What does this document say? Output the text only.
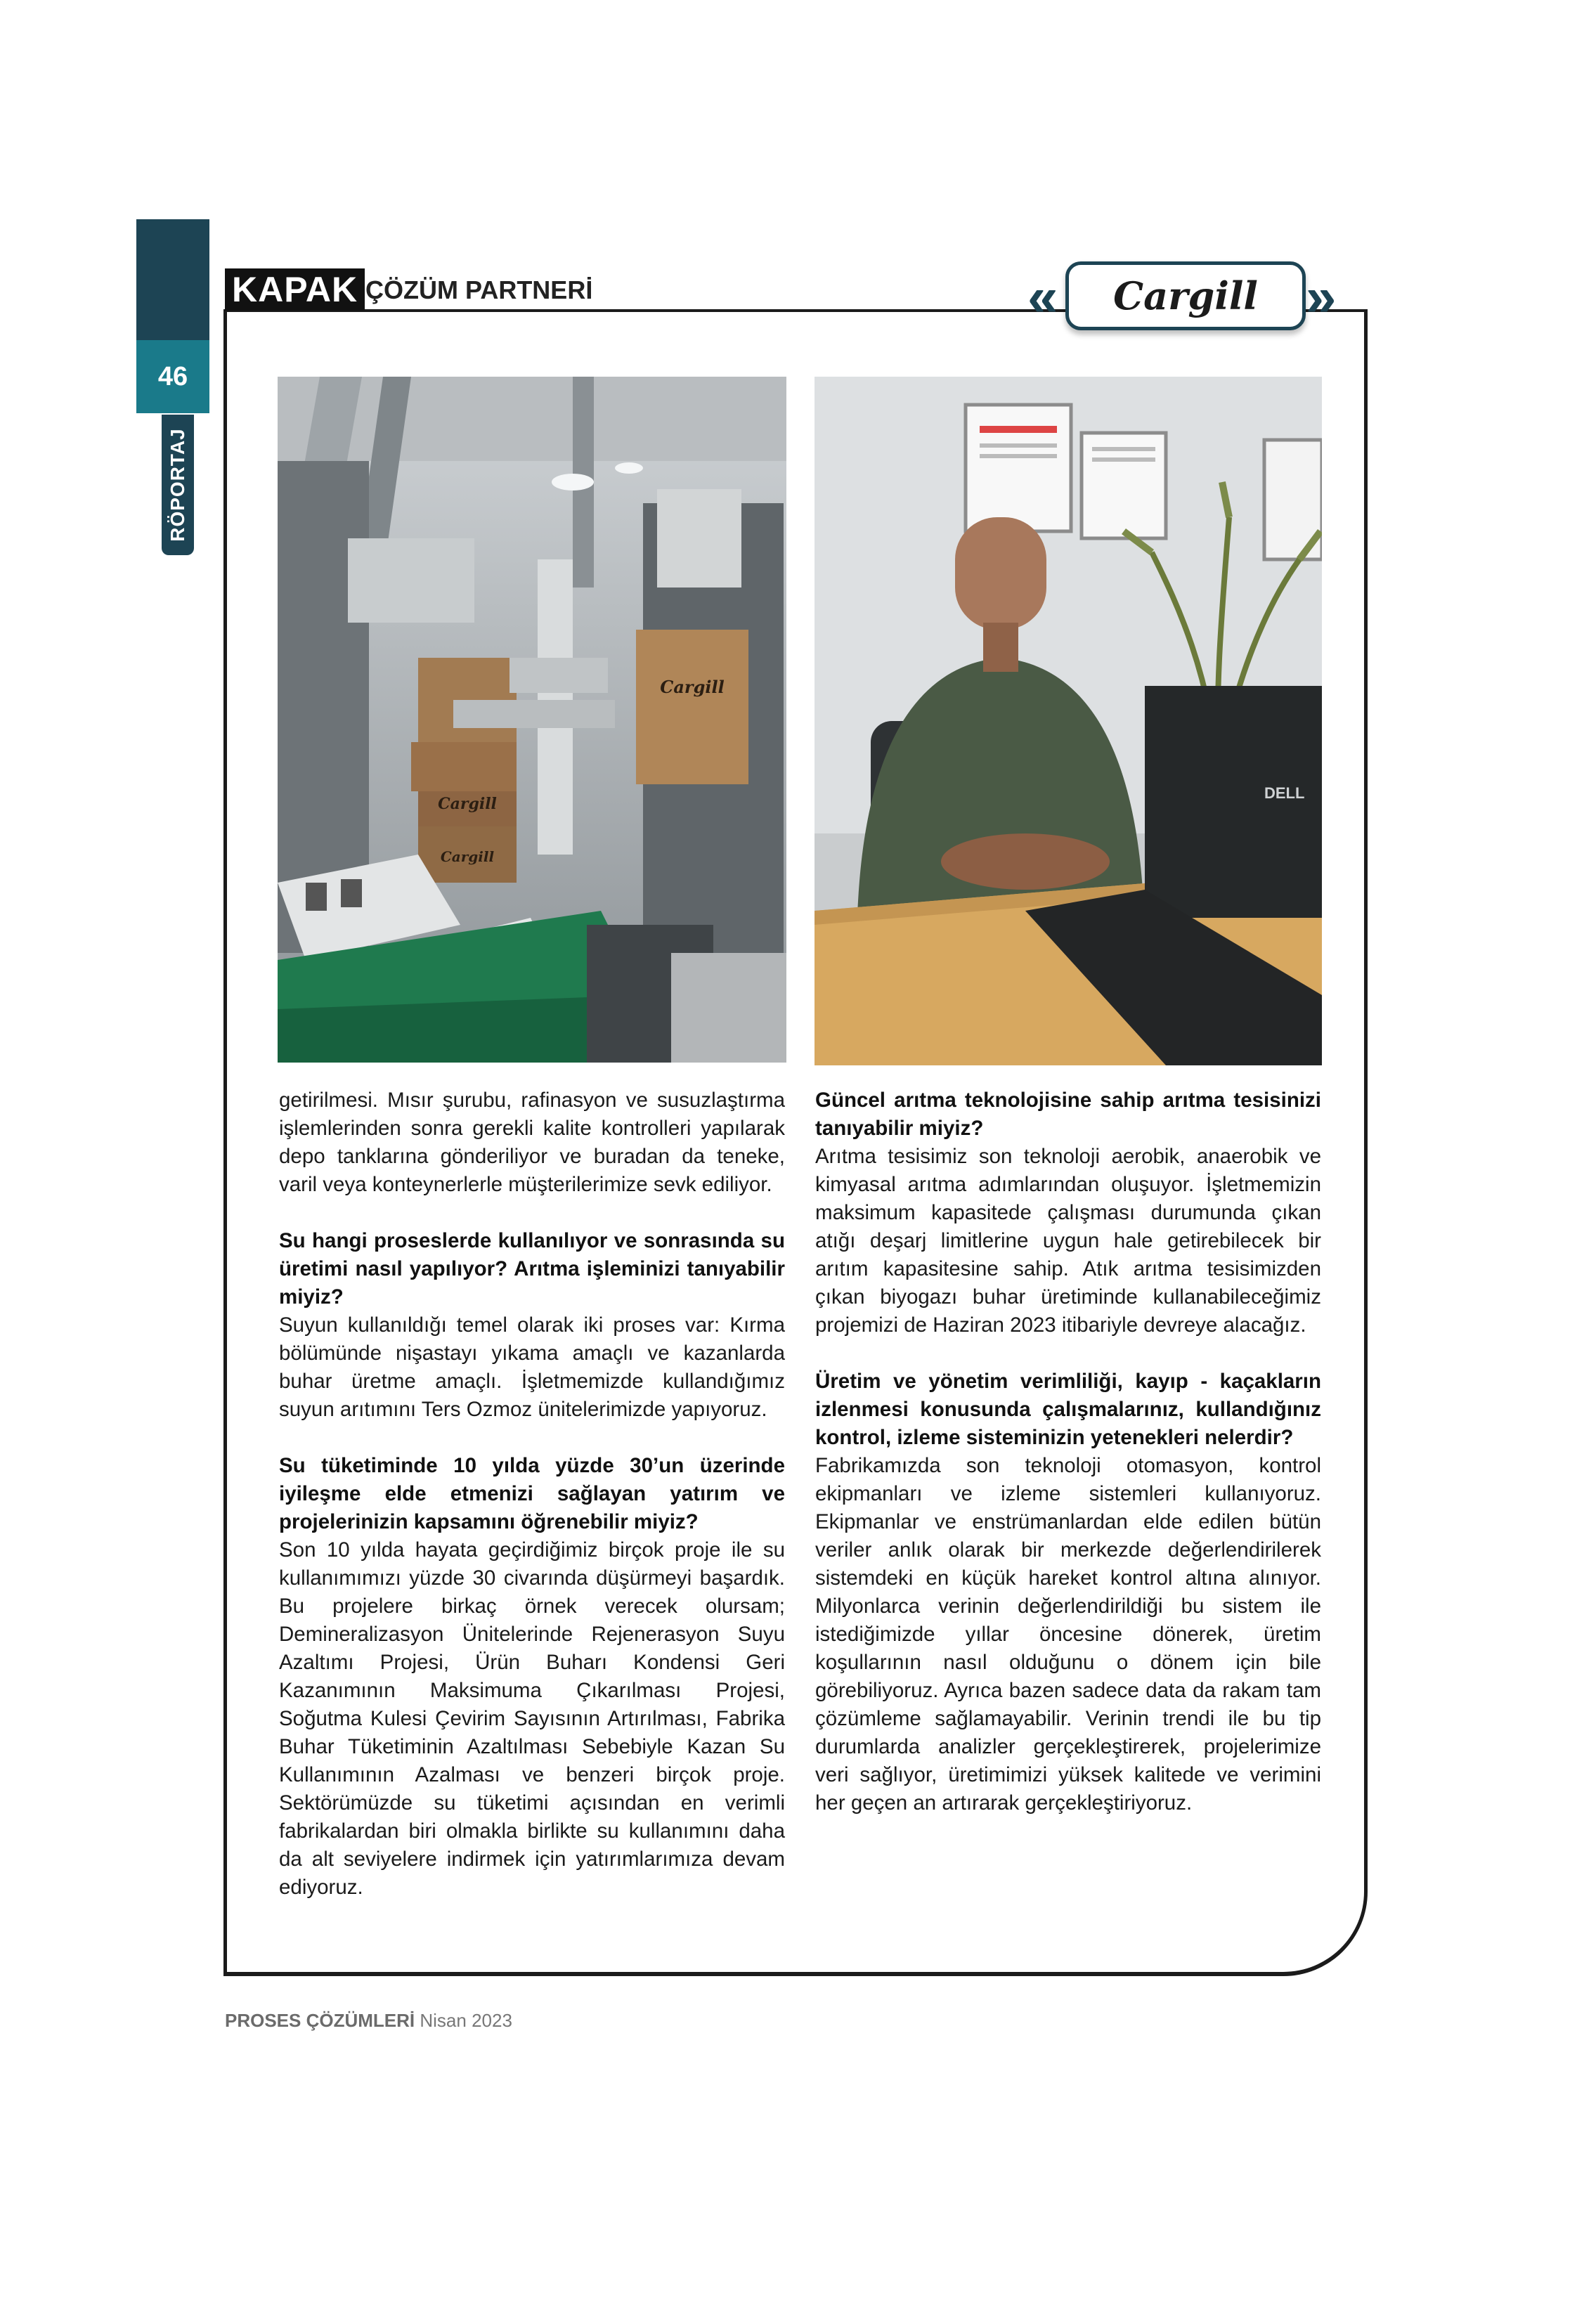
46
RÖPORTAJ
KAPAK ÇÖZÜM PARTNERİ	« Cargill »
Cargill
Cargill
Cargill
DELL

getirilmesi. Mısır şurubu, rafinasyon ve susuzlaştırma işlemlerinden sonra gerekli kalite kontrolleri yapılarak depo tanklarına gönderiliyor ve buradan da teneke, varil veya konteynerlerle müşterilerimize sevk ediliyor.

Su hangi proseslerde kullanılıyor ve sonrasında su üretimi nasıl yapılıyor? Arıtma işleminizi tanıyabilir miyiz?

Suyun kullanıldığı temel olarak iki proses var: Kırma bölümünde nişastayı yıkama amaçlı ve kazanlarda buhar üretme amaçlı. İşletmemizde kullandığımız suyun arıtımını Ters Ozmoz ünitelerimizde yapıyoruz.

Su tüketiminde 10 yılda yüzde 30’un üzerinde iyileşme elde etmenizi sağlayan yatırım ve projelerinizin kapsamını öğrenebilir miyiz?

Son 10 yılda hayata geçirdiğimiz birçok proje ile su kullanımımızı yüzde 30 civarında düşürmeyi başardık. Bu projelere birkaç örnek verecek olursam; Demineralizasyon Ünitelerinde Rejenerasyon Suyu Azaltımı Projesi, Ürün Buharı Kondensi Geri Kazanımının Maksimuma Çıkarılması Projesi, Soğutma Kulesi Çevirim Sayısının Artırılması, Fabrika Buhar Tüketiminin Azaltılması Sebebiyle Kazan Su Kullanımının Azalması ve benzeri birçok proje. Sektörümüzde su tüketimi açısından en verimli fabrikalardan biri olmakla birlikte su kullanımını daha da alt seviyelere indirmek için yatırımlarımıza devam ediyoruz.

Güncel arıtma teknolojisine sahip arıtma tesisinizi tanıyabilir miyiz?

Arıtma tesisimiz son teknoloji aerobik, anaerobik ve kimyasal arıtma adımlarından oluşuyor. İşletmemizin maksimum kapasitede çalışması durumunda çıkan atığı deşarj limitlerine uygun hale getirebilecek bir arıtım kapasitesine sahip. Atık arıtma tesisimizden çıkan biyogazı buhar üretiminde kullanabileceğimiz projemizi de Haziran 2023 itibariyle devreye alacağız.

Üretim ve yönetim verimliliği, kayıp - kaçakların izlenmesi konusunda çalışmalarınız, kullandığınız kontrol, izleme sisteminizin yetenekleri nelerdir?

Fabrikamızda son teknoloji otomasyon, kontrol ekipmanları ve izleme sistemleri kullanıyoruz. Ekipmanlar ve enstrümanlardan elde edilen bütün veriler anlık olarak bir merkezde değerlendirilerek sistemdeki en küçük hareket kontrol altına alınıyor. Milyonlarca verinin değerlendirildiği bu sistem ile istediğimizde yıllar öncesine dönerek, üretim koşullarının nasıl olduğunu o dönem için bile görebiliyoruz. Ayrıca bazen sadece data da rakam tam çözümleme sağlamayabilir. Verinin trendi ile bu tip durumlarda analizler gerçekleştirerek, projelerimize veri sağlıyor, üretimimizi yüksek kalitede ve verimini her geçen an artırarak gerçekleştiriyoruz.

PROSES ÇÖZÜMLERİ Nisan 2023
